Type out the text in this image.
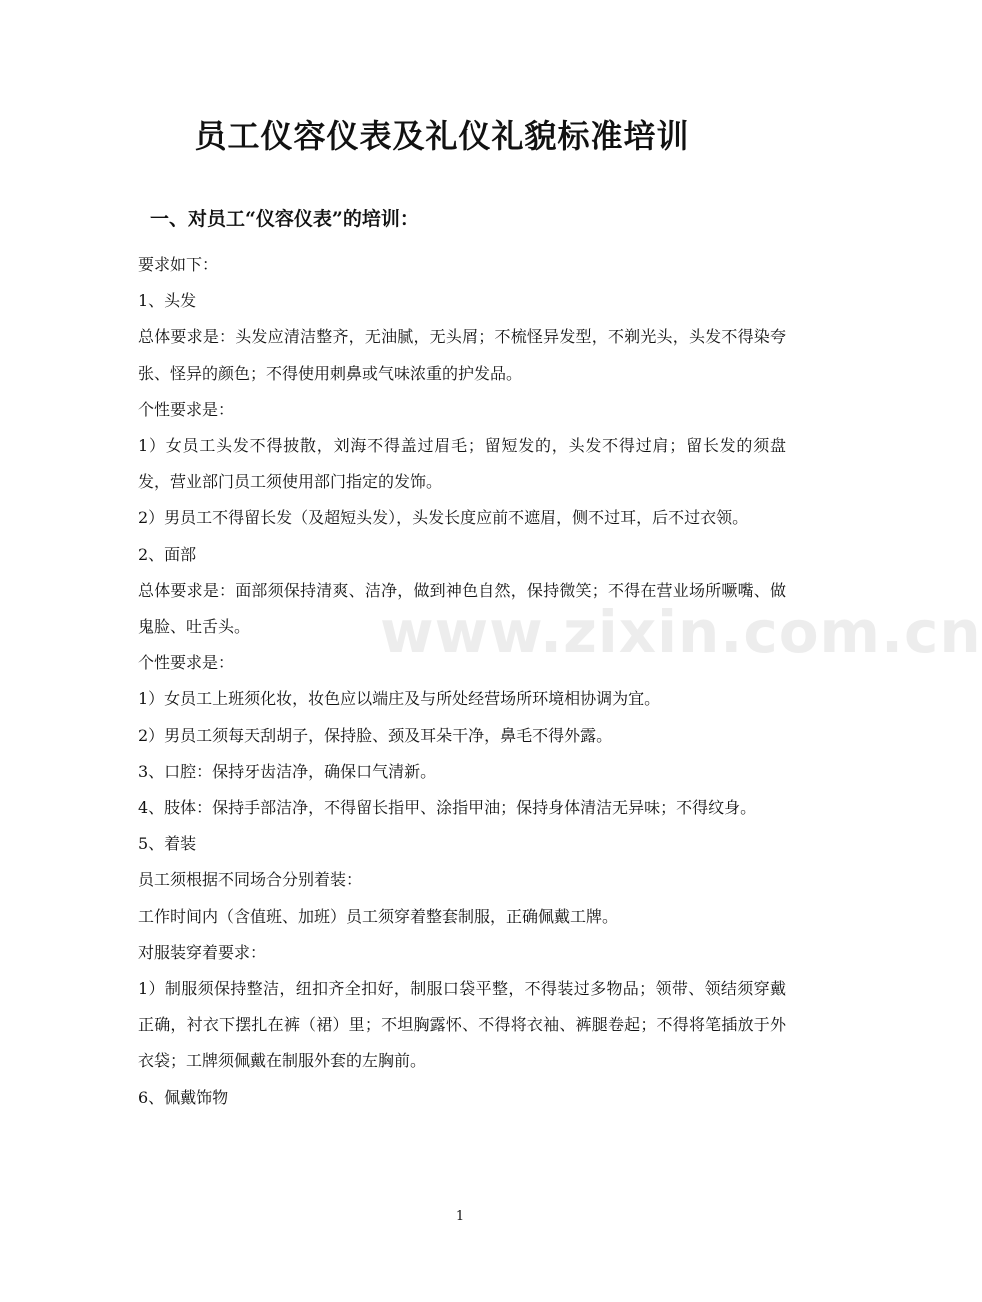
www.zixin.com.cn
员工仪容仪表及礼仪礼貌标准培训
一、对员工“仪容仪表”的培训：

要求如下：

1、头发

总体要求是：头发应清洁整齐，无油腻，无头屑；不梳怪异发型，不剃光头，头发不得染夸张、怪异的颜色；不得使用刺鼻或气味浓重的护发品。

个性要求是：

1）女员工头发不得披散，刘海不得盖过眉毛；留短发的，头发不得过肩；留长发的须盘发，营业部门员工须使用部门指定的发饰。

2）男员工不得留长发（及超短头发），头发长度应前不遮眉，侧不过耳，后不过衣领。

2、面部

总体要求是：面部须保持清爽、洁净，做到神色自然，保持微笑；不得在营业场所噘嘴、做鬼脸、吐舌头。

个性要求是：

1）女员工上班须化妆，妆色应以端庄及与所处经营场所环境相协调为宜。

2）男员工须每天刮胡子，保持脸、颈及耳朵干净，鼻毛不得外露。

3、口腔：保持牙齿洁净，确保口气清新。

4、肢体：保持手部洁净，不得留长指甲、涂指甲油；保持身体清洁无异味；不得纹身。

5、着装

员工须根据不同场合分别着装：

工作时间内（含值班、加班）员工须穿着整套制服，正确佩戴工牌。

对服装穿着要求：

1）制服须保持整洁，纽扣齐全扣好，制服口袋平整，不得装过多物品；领带、领结须穿戴正确，衬衣下摆扎在裤（裙）里；不坦胸露怀、不得将衣袖、裤腿卷起；不得将笔插放于外衣袋；工牌须佩戴在制服外套的左胸前。

6、佩戴饰物

1
